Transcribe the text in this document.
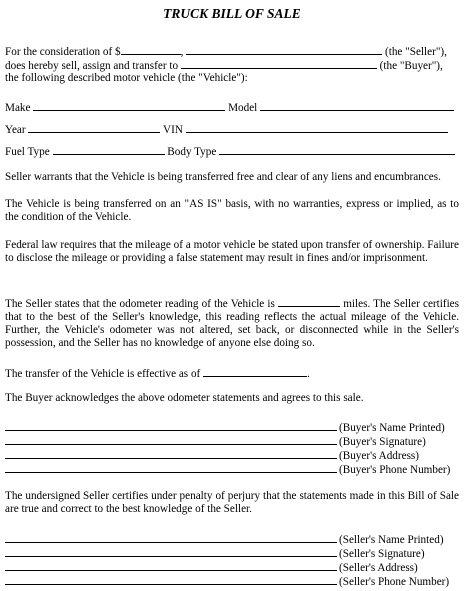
TRUCK BILL OF SALE
For the consideration of $	,	(the "Seller"),
does hereby sell, assign and transfer to	(the "Buyer"),
the following described motor vehicle (the "Vehicle"):
Make	Model
Year	VIN
Fuel Type	Body Type
Seller warrants that the Vehicle is being transferred free and clear of any liens and encumbrances.
The Vehicle is being transferred on an "AS IS" basis, with no warranties, express or implied, as to the condition of the Vehicle.
Federal law requires that the mileage of a motor vehicle be stated upon transfer of ownership. Failure to disclose the mileage or providing a false statement may result in fines and/or imprisonment.
The Seller states that the odometer reading of the Vehicle is	miles. The Seller certifies that to the best of the Seller's knowledge, this reading reflects the actual mileage of the Vehicle. Further, the Vehicle's odometer was not altered, set back, or disconnected while in the Seller's possession, and the Seller has no knowledge of anyone else doing so.
The transfer of the Vehicle is effective as of	.
The Buyer acknowledges the above odometer statements and agrees to this sale.
(Buyer's Name Printed)
(Buyer's Signature)
(Buyer's Address)
(Buyer's Phone Number)
The undersigned Seller certifies under penalty of perjury that the statements made in this Bill of Sale are true and correct to the best knowledge of the Seller.
(Seller's Name Printed)
(Seller's Signature)
(Seller's Address)
(Seller's Phone Number)
